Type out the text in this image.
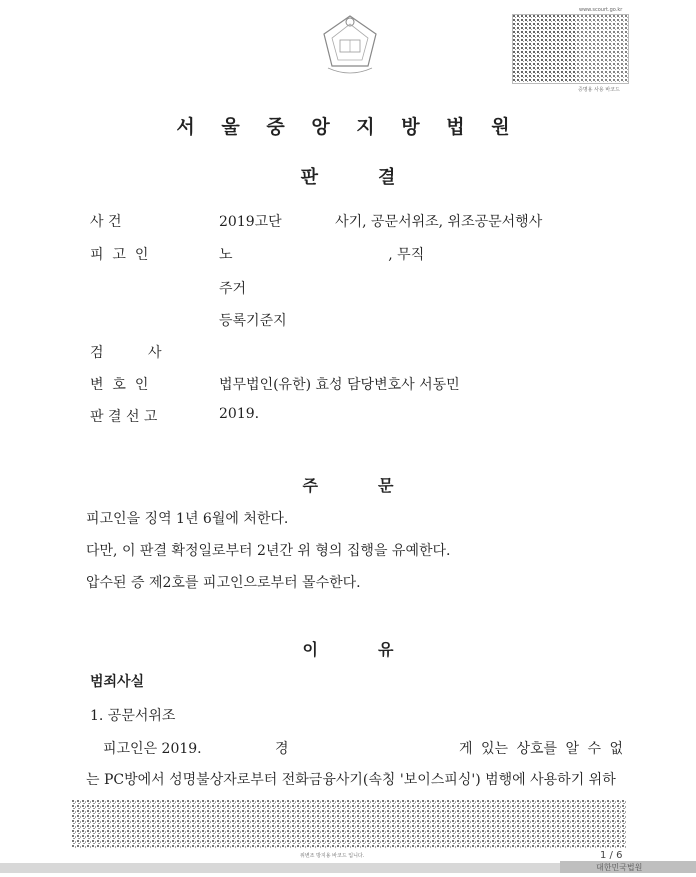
www.scourt.go.kr
증명용 사용 바코드
서 울 중 앙 지 방 법 원
판	결
사 건	2019고단            사기, 공문서위조, 위조공문서행사
피  고  인	노                                   , 무직
주거
등록기준지
검          사
변  호  인	법무법인(유한) 효성 담당변호사 서동민
판 결 선 고	2019.
주	문
피고인을 징역 1년 6월에 처한다.
다만, 이 판결 확정일로부터 2년간 위 형의 집행을 유예한다.
압수된 증 제2호를 피고인으로부터 몰수한다.
이	유
범죄사실
1. 공문서위조
피고인은 2019.	경	게 있는 상호를 알 수 없
는 PC방에서 성명불상자로부터 전화금융사기(속칭 '보이스피싱') 범행에 사용하기 위하
위변조 방지용 바코드 입니다.	1 / 6
대한민국법원
